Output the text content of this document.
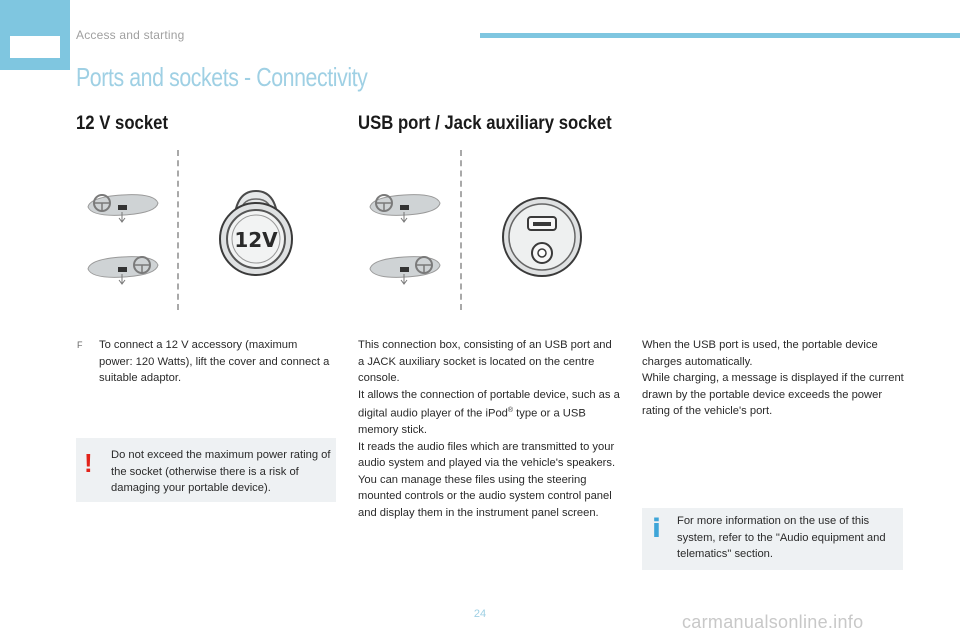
Access and starting
Ports and sockets - Connectivity
12 V socket	USB port / Jack auxiliary socket
12V
F To connect a 12 V accessory (maximum power: 120 Watts), lift the cover and connect a suitable adaptor.
! Do not exceed the maximum power rating of the socket (otherwise there is a risk of damaging your portable device).
This connection box, consisting of an USB port and a JACK auxiliary socket is located on the centre console.
It allows the connection of portable device, such as a digital audio player of the iPod® type or a USB memory stick.
It reads the audio files which are transmitted to your audio system and played via the vehicle's speakers.
You can manage these files using the steering mounted controls or the audio system control panel and display them in the instrument panel screen.
When the USB port is used, the portable device charges automatically.
While charging, a message is displayed if the current drawn by the portable device exceeds the power rating of the vehicle's port.
i For more information on the use of this system, refer to the "Audio equipment and telematics" section.
24	carmanualsonline.info
